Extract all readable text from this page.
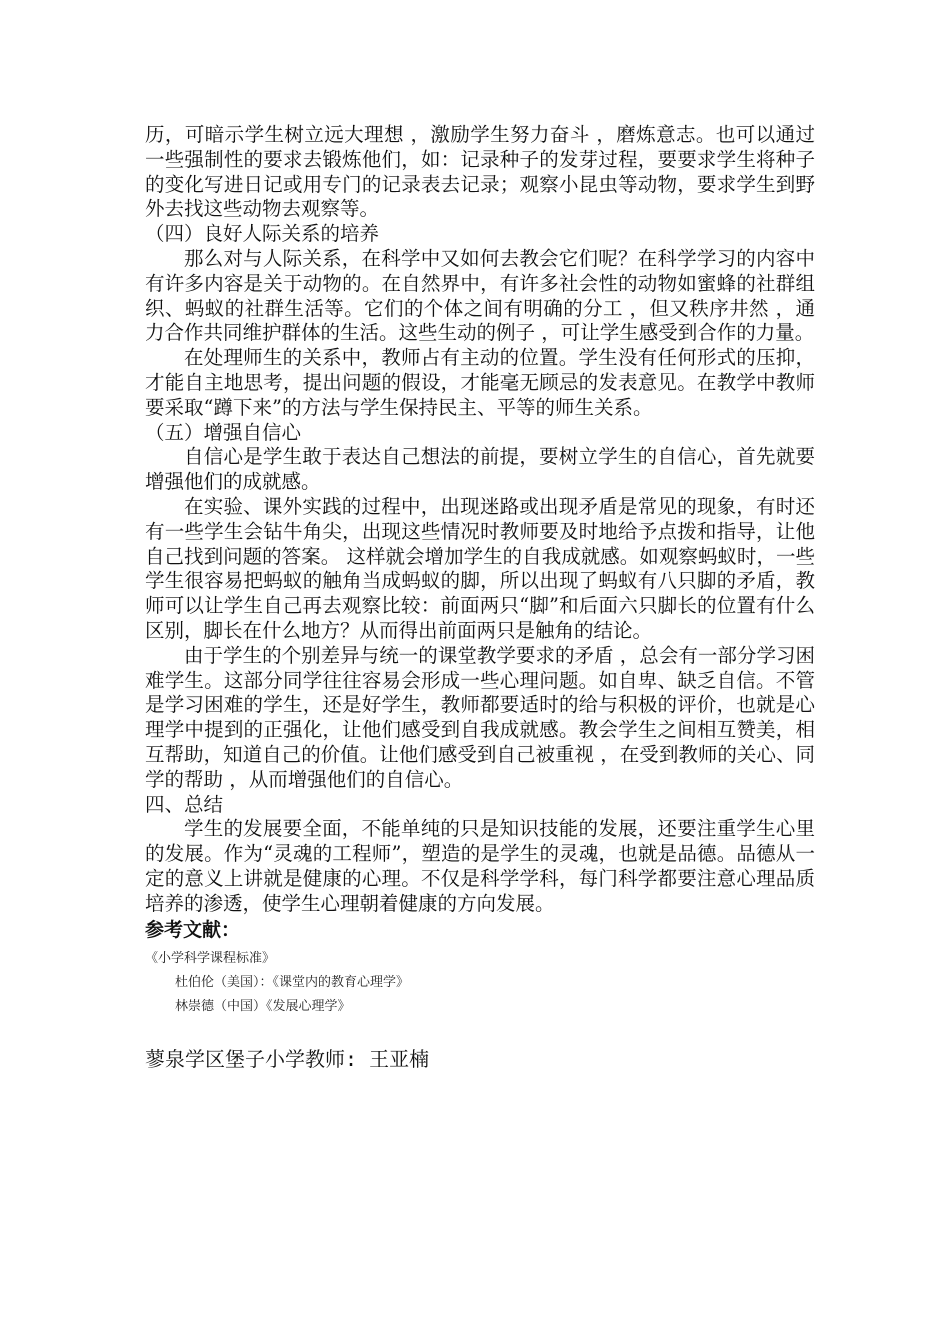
历，可暗示学生树立远大理想 ，激励学生努力奋斗 ，磨炼意志。也可以通过一些强制性的要求去锻炼他们，如：记录种子的发芽过程，要要求学生将种子的变化写进日记或用专门的记录表去记录；观察小昆虫等动物，要求学生到野外去找这些动物去观察等。

（四）良好人际关系的培养

那么对与人际关系，在科学中又如何去教会它们呢？在科学学习的内容中有许多内容是关于动物的。在自然界中，有许多社会性的动物如蜜蜂的社群组织、蚂蚁的社群生活等。它们的个体之间有明确的分工 ，但又秩序井然 ，通力合作共同维护群体的生活。这些生动的例子 ，可让学生感受到合作的力量。

在处理师生的关系中，教师占有主动的位置。学生没有任何形式的压抑，才能自主地思考，提出问题的假设，才能毫无顾忌的发表意见。在教学中教师要采取“蹲下来”的方法与学生保持民主、平等的师生关系。

（五）增强自信心

自信心是学生敢于表达自己想法的前提，要树立学生的自信心，首先就要增强他们的成就感。

在实验、课外实践的过程中，出现迷路或出现矛盾是常见的现象，有时还有一些学生会钻牛角尖，出现这些情况时教师要及时地给予点拨和指导，让他自己找到问题的答案。 这样就会增加学生的自我成就感。如观察蚂蚁时，一些学生很容易把蚂蚁的触角当成蚂蚁的脚，所以出现了蚂蚁有八只脚的矛盾，教师可以让学生自己再去观察比较：前面两只“脚”和后面六只脚长的位置有什么区别，脚长在什么地方？从而得出前面两只是触角的结论。

由于学生的个别差异与统一的课堂教学要求的矛盾 ，总会有一部分学习困难学生。这部分同学往往容易会形成一些心理问题。如自卑、缺乏自信。不管是学习困难的学生，还是好学生，教师都要适时的给与积极的评价，也就是心理学中提到的正强化，让他们感受到自我成就感。教会学生之间相互赞美，相互帮助，知道自己的价值。让他们感受到自己被重视 ，在受到教师的关心、同学的帮助 ，从而增强他们的自信心。

四、总结

学生的发展要全面，不能单纯的只是知识技能的发展，还要注重学生心里的发展。作为“灵魂的工程师”，塑造的是学生的灵魂，也就是品德。品德从一定的意义上讲就是健康的心理。不仅是科学学科，每门科学都要注意心理品质培养的渗透，使学生心理朝着健康的方向发展。

参考文献：

《小学科学课程标准》
杜伯伦（美国）：《课堂内的教育心理学》
林崇德（中国）《发展心理学》

蓼泉学区堡子小学教师: 王亚楠
